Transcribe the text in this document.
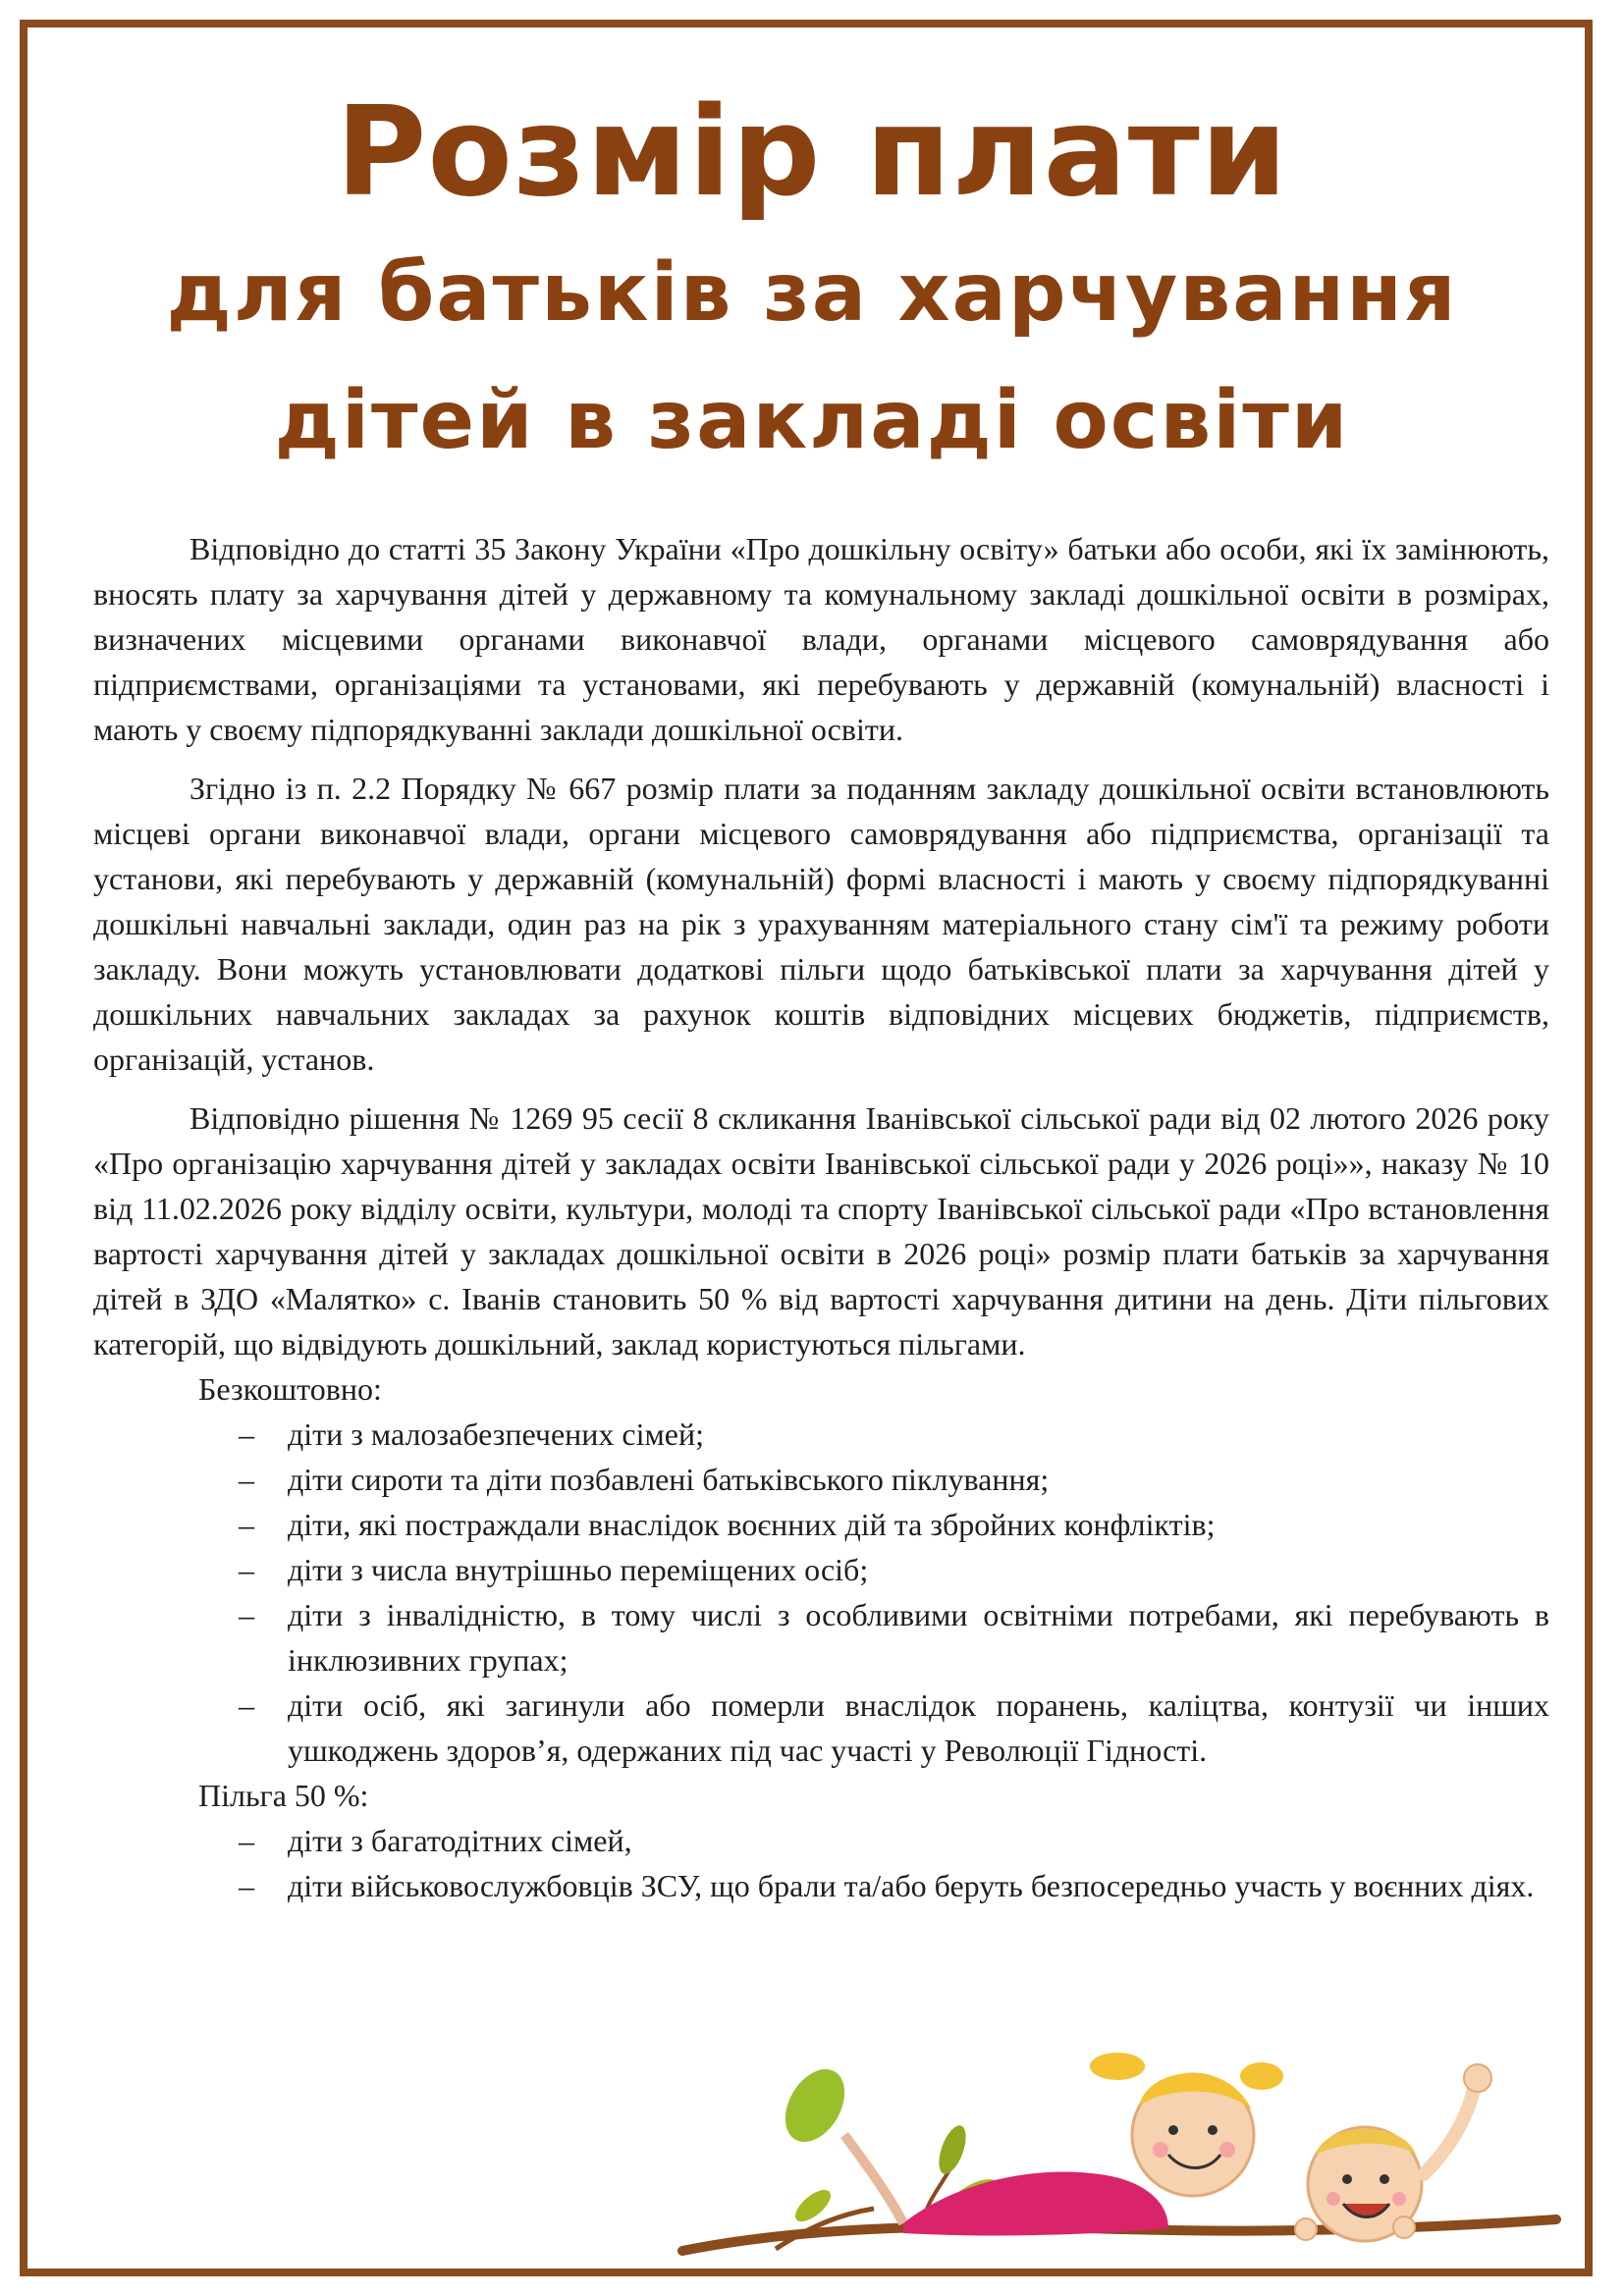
Розмір плати
для батьків за харчування
дітей в закладі освіти

Відповідно до статті 35 Закону України «Про дошкільну освіту» батьки або особи, які їх замінюють, вносять плату за харчування дітей у державному та комунальному закладі дошкільної освіти в розмірах, визначених місцевими органами виконавчої влади, органами місцевого самоврядування або підприємствами, організаціями та установами, які перебувають у державній (комунальній) власності і мають у своєму підпорядкуванні заклади дошкільної освіти.

Згідно із п. 2.2 Порядку № 667 розмір плати за поданням закладу дошкільної освіти встановлюють місцеві органи виконавчої влади, органи місцевого самоврядування або підприємства, організації та установи, які перебувають у державній (комунальній) формі власності і мають у своєму підпорядкуванні дошкільні навчальні заклади, один раз на рік з урахуванням матеріального стану сім'ї та режиму роботи закладу. Вони можуть установлювати додаткові пільги щодо батьківської плати за харчування дітей у дошкільних навчальних закладах за рахунок коштів відповідних місцевих бюджетів, підприємств, організацій, установ.

Відповідно рішення № 1269 95 сесії 8 скликання Іванівської сільської ради від 02 лютого 2026 року «Про організацію харчування дітей у закладах освіти Іванівської сільської ради у 2026 році»», наказу № 10 від 11.02.2026 року відділу освіти, культури, молоді та спорту Іванівської сільської ради «Про встановлення вартості харчування дітей у закладах дошкільної освіти в 2026 році» розмір плати батьків за харчування дітей в ЗДО «Малятко» с. Іванів становить 50 % від вартості харчування дитини на день. Діти пільгових категорій, що відвідують дошкільний, заклад користуються пільгами.

Безкоштовно:

– діти з малозабезпечених сімей;
– діти сироти та діти позбавлені батьківського піклування;
– діти, які постраждали внаслідок воєнних дій та збройних конфліктів;
– діти з числа внутрішньо переміщених осіб;
– діти з інвалідністю, в тому числі з особливими освітніми потребами, які перебувають в інклюзивних групах;
– діти осіб, які загинули або померли внаслідок поранень, каліцтва, контузії чи інших ушкоджень здоров’я, одержаних під час участі у Революції Гідності.

Пільга 50 %:

– діти з багатодітних сімей,
– діти військовослужбовців ЗСУ, що брали та/або беруть безпосередньо участь у воєнних діях.
